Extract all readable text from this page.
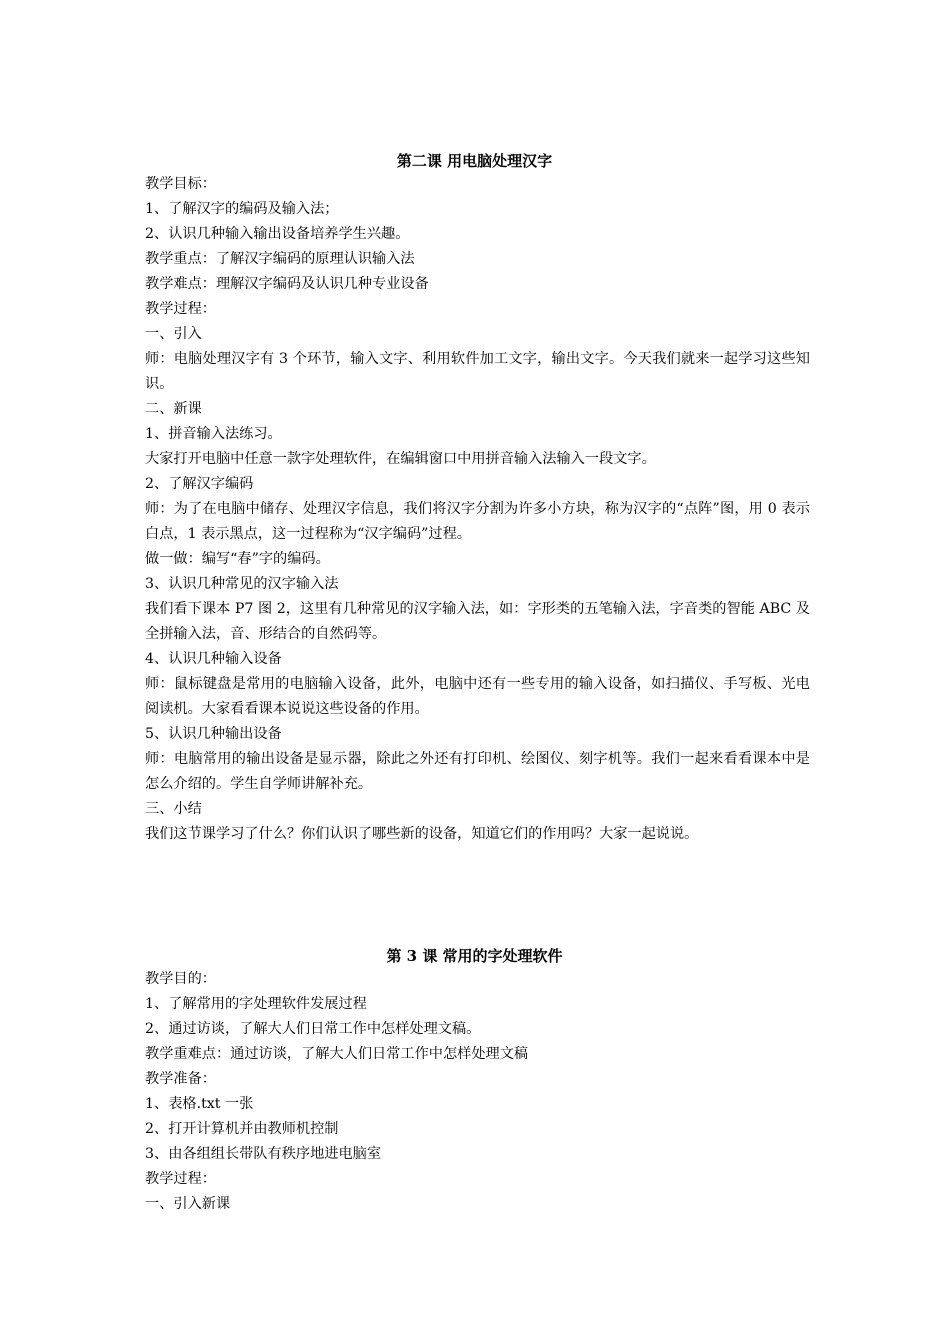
第二课 用电脑处理汉字
教学目标：
1、了解汉字的编码及输入法；
2、认识几种输入输出设备培养学生兴趣。
教学重点：了解汉字编码的原理认识输入法
教学难点：理解汉字编码及认识几种专业设备
教学过程：
一、引入
师：电脑处理汉字有 3 个环节，输入文字、利用软件加工文字，输出文字。今天我们就来一起学习这些知识。
二、新课
1、拼音输入法练习。
大家打开电脑中任意一款字处理软件，在编辑窗口中用拼音输入法输入一段文字。
2、了解汉字编码
师：为了在电脑中储存、处理汉字信息，我们将汉字分割为许多小方块，称为汉字的“点阵”图，用 0 表示白点，1 表示黑点，这一过程称为“汉字编码”过程。
做一做：编写“春”字的编码。
3、认识几种常见的汉字输入法
我们看下课本 P7 图 2，这里有几种常见的汉字输入法，如：字形类的五笔输入法，字音类的智能 ABC 及全拼输入法，音、形结合的自然码等。
4、认识几种输入设备
师：鼠标键盘是常用的电脑输入设备，此外，电脑中还有一些专用的输入设备，如扫描仪、手写板、光电阅读机。大家看看课本说说这些设备的作用。
5、认识几种输出设备
师：电脑常用的输出设备是显示器，除此之外还有打印机、绘图仪、刻字机等。我们一起来看看课本中是怎么介绍的。学生自学师讲解补充。
三、小结
我们这节课学习了什么？你们认识了哪些新的设备，知道它们的作用吗？大家一起说说。
第 3 课 常用的字处理软件
教学目的：
1、了解常用的字处理软件发展过程
2、通过访谈，了解大人们日常工作中怎样处理文稿。
教学重难点：通过访谈，了解大人们日常工作中怎样处理文稿
教学准备：
1、表格.txt 一张
2、打开计算机并由教师机控制
3、由各组组长带队有秩序地进电脑室
教学过程：
一、引入新课
